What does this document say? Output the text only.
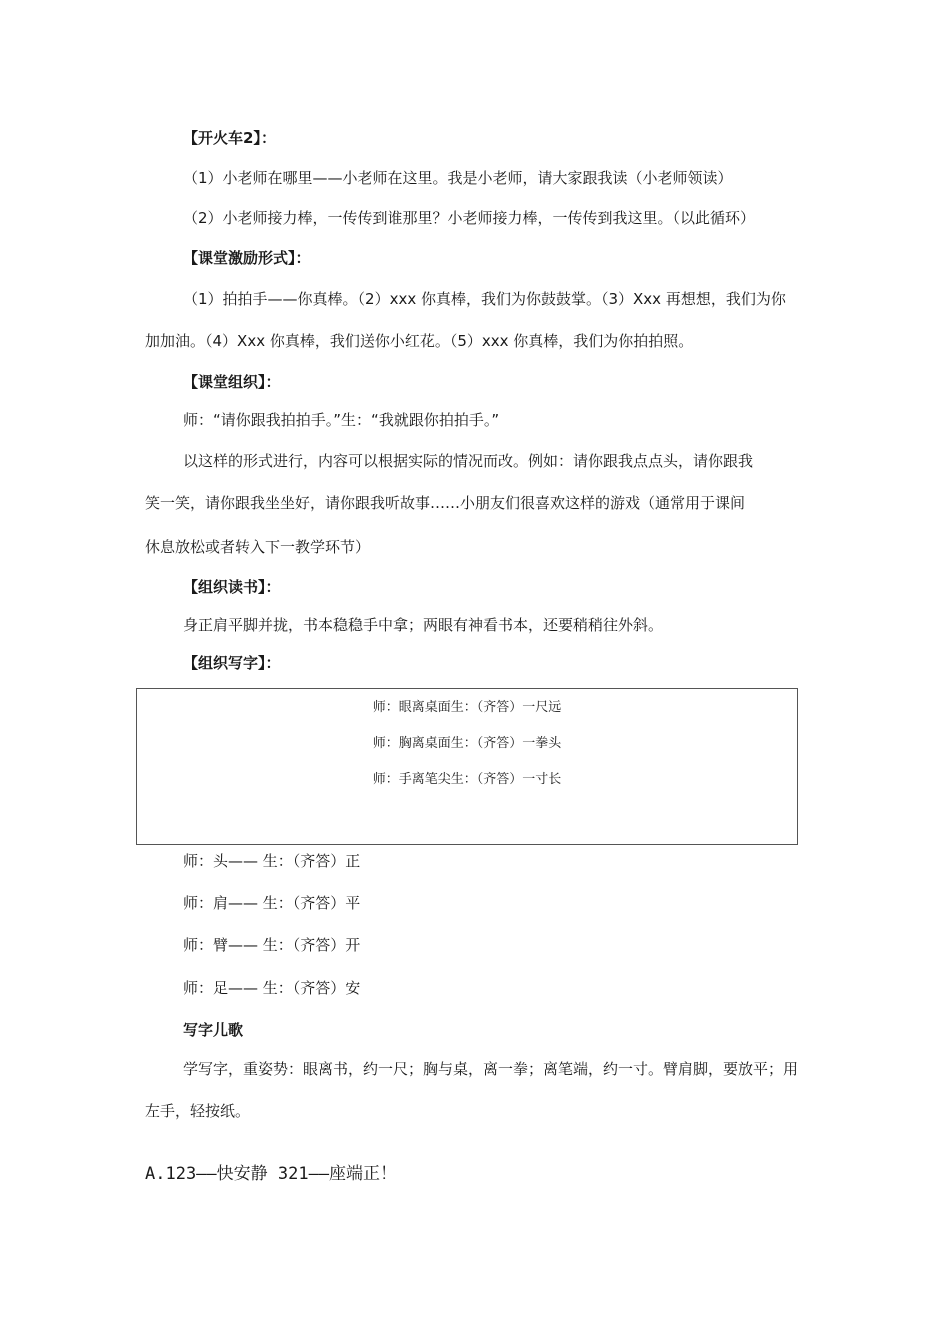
【开火车2】：
（1）小老师在哪里——小老师在这里。我是小老师，请大家跟我读（小老师领读）
（2）小老师接力棒，一传传到谁那里？小老师接力棒，一传传到我这里。（以此循环）
【课堂激励形式】：
（1）拍拍手——你真棒。（2）xxx 你真棒，我们为你鼓鼓掌。（3）Xxx 再想想，我们为你
加加油。（4）Xxx 你真棒，我们送你小红花。（5）xxx 你真棒，我们为你拍拍照。
【课堂组织】：
师：“请你跟我拍拍手。”生：“我就跟你拍拍手。”
以这样的形式进行，内容可以根据实际的情况而改。例如：请你跟我点点头，请你跟我
笑一笑，请你跟我坐坐好，请你跟我听故事……小朋友们很喜欢这样的游戏（通常用于课间
休息放松或者转入下一教学环节）
【组织读书】：
身正肩平脚并拢，书本稳稳手中拿；两眼有神看书本，还要稍稍往外斜。
【组织写字】：
师：眼离桌面生：（齐答）一尺远
师：胸离桌面生：（齐答）一拳头
师：手离笔尖生：（齐答）一寸长
师：头—— 生：（齐答）正
师：肩—— 生：（齐答）平
师：臂—— 生：（齐答）开
师：足—— 生：（齐答）安
写字儿歌
学写字，重姿势：眼离书，约一尺；胸与桌，离一拳；离笔端，约一寸。臂肩脚，要放平；用
左手，轻按纸。
A.123——快安静 321——座端正！
